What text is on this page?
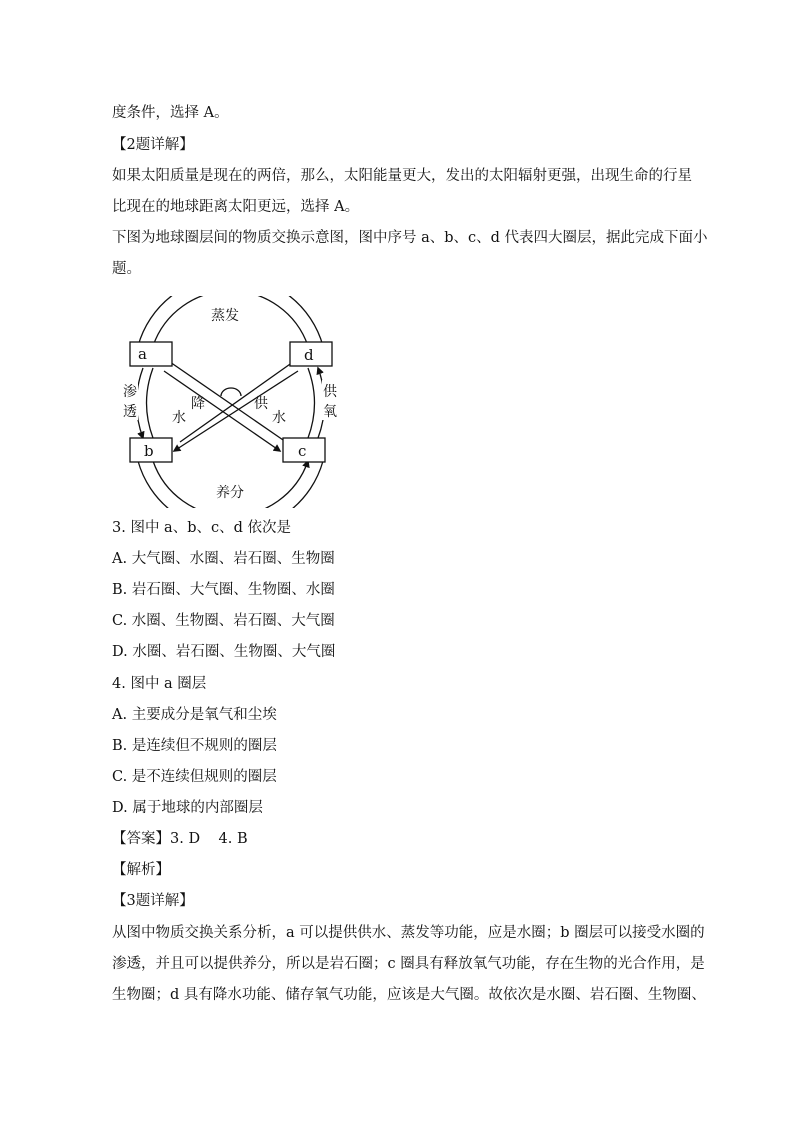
度条件，选择 A。
【2题详解】
如果太阳质量是现在的两倍，那么，太阳能量更大，发出的太阳辐射更强，出现生命的行星
比现在的地球距离太阳更远，选择 A。
下图为地球圈层间的物质交换示意图，图中序号 a、b、c、d 代表四大圈层，据此完成下面小
题。
a	d
b	c
蒸发
养分
渗
透
供
氧
水
降	供
水
3. 图中 a、b、c、d 依次是
A. 大气圈、水圈、岩石圈、生物圈
B. 岩石圈、大气圈、生物圈、水圈
C. 水圈、生物圈、岩石圈、大气圈
D. 水圈、岩石圈、生物圈、大气圈
4. 图中 a 圈层
A. 主要成分是氧气和尘埃
B. 是连续但不规则的圈层
C. 是不连续但规则的圈层
D. 属于地球的内部圈层
【答案】3. D    4. B
【解析】
【3题详解】
从图中物质交换关系分析，a 可以提供供水、蒸发等功能，应是水圈；b 圈层可以接受水圈的
渗透，并且可以提供养分，所以是岩石圈；c 圈具有释放氧气功能，存在生物的光合作用，是
生物圈；d 具有降水功能、储存氧气功能，应该是大气圈。故依次是水圈、岩石圈、生物圈、
